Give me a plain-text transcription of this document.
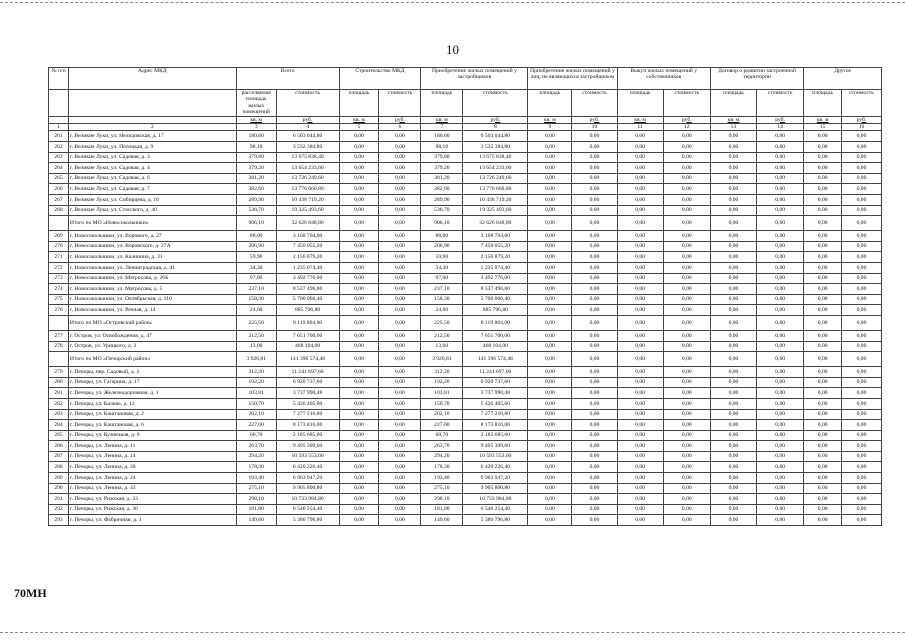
10
№ п/п	Адрес МКД	Всего		Строительство МКД		Приобретение жилых помещений у застройщиков		Приобретение жилых помещений у лиц, не являющихся застройщиком		Выкуп жилых помещений у собственников		Договор о развитии застроенной территории		Другое	
		расселяемая площадь жилых помещений	стоимость	площадь	стоимость	площадь	стоимость	площадь	стоимость	площадь	стоимость	площадь	стоимость	площадь	стоимость
		кв. м	руб.	кв. м	руб.	кв. м	руб.	кв. м	руб.	кв. м	руб.	кв. м	руб.	кв. м	руб.
1	2	3	4	5	6	7	8	9	10	11	12	13	14	15	16
261	г. Великие Луки, ул. Нелидовская, д. 17	180,60	6 503 044,80	0,00	0,00	180,60	6 503 044,80	0,00	0,00	0,00	0,00	0,00	0,00	0,00	0,00
262	г. Великие Луки, ул. Полоцкая, д. 9	98,10	3 532 384,80	0,00	0,00	98,10	3 532 384,80	0,00	0,00	0,00	0,00	0,00	0,00	0,00	0,00
263	г. Великие Луки, ул. Садовая, д. 3	379,80	13 675 838,40	0,00	0,00	379,80	13 675 838,40	0,00	0,00	0,00	0,00	0,00	0,00	0,00	0,00
264	г. Великие Луки, ул. Садовая, д. 4	379,20	13 654 233,60	0,00	0,00	379,20	13 654 233,60	0,00	0,00	0,00	0,00	0,00	0,00	0,00	0,00
265	г. Великие Луки, ул. Садовая, д. 6	381,20	13 726 249,60	0,00	0,00	381,20	13 726 249,60	0,00	0,00	0,00	0,00	0,00	0,00	0,00	0,00
266	г. Великие Луки, ул. Садовая, д. 7	382,60	13 776 660,80	0,00	0,00	382,60	13 776 660,80	0,00	0,00	0,00	0,00	0,00	0,00	0,00	0,00
267	г. Великие Луки, ул. Сибирцева, д. 16	289,90	10 438 719,20	0,00	0,00	289,90	10 438 719,20	0,00	0,00	0,00	0,00	0,00	0,00	0,00	0,00
268	г. Великие Луки, ул. Стаcского, д. 40	536,70	19 325 493,60	0,00	0,00	536,70	19 325 493,60	0,00	0,00	0,00	0,00	0,00	0,00	0,00	0,00
	Итого по МО «Новосокольники»	906,10	32 626 848,80	0,00	0,00	906,10	32 626 848,80	0,00	0,00	0,00	0,00	0,00	0,00	0,00	0,00
269	г. Новосокольники, ул. Ворового, д. 27	88,00	3 168 704,00	0,00	0,00	88,00	3 168 704,00	0,00	0,00	0,00	0,00	0,00	0,00	0,00	0,00
270	г. Новосокольники, ул. Воровского, д. 27А	206,90	7 450 055,20	0,00	0,00	206,90	7 450 055,20	0,00	0,00	0,00	0,00	0,00	0,00	0,00	0,00
271	г. Новосокольники, ул. Калинина, д. 31	59,90	2 156 879,20	0,00	0,00	59,90	2 156 879,20	0,00	0,00	0,00	0,00	0,00	0,00	0,00	0,00
272	г. Новосокольники, ул. Ленинградская, д. 41	34,30	1 235 074,40	0,00	0,00	34,30	1 235 074,40	0,00	0,00	0,00	0,00	0,00	0,00	0,00	0,00
273	г. Новосокольники, ул. Матросова, д. 26Б	97,00	3 492 776,00	0,00	0,00	97,00	3 492 776,00	0,00	0,00	0,00	0,00	0,00	0,00	0,00	0,00
274	г. Новосокольники, ул. Матросова, д. 5	237,10	8 537 496,80	0,00	0,00	237,10	8 537 496,80	0,00	0,00	0,00	0,00	0,00	0,00	0,00	0,00
275	г. Новосокольники, ул. Октябрьская, д. 110	158,30	5 700 066,40	0,00	0,00	158,30	5 700 066,40	0,00	0,00	0,00	0,00	0,00	0,00	0,00	0,00
276	г. Новосокольники, ул. Речная, д. 14	24,60	885 796,80	0,00	0,00	24,60	885 796,80	0,00	0,00	0,00	0,00	0,00	0,00	0,00	0,00
	Итого по МО «Островский район»	225,50	8 119 804,00	0,00	0,00	225,50	8 119 804,00	0,00	0,00	0,00	0,00	0,00	0,00	0,00	0,00
277	г. Остров, ул. Освобождения, д. 47	212,50	7 651 700,00	0,00	0,00	212,50	7 651 700,00	0,00	0,00	0,00	0,00	0,00	0,00	0,00	0,00
278	г. Остров, ул. Урицкого, д. 3	13,00	468 104,00	0,00	0,00	13,00	468 104,00	0,00	0,00	0,00	0,00	0,00	0,00	0,00	0,00
	Итого по МО «Печорский район»	3 926,81	141 396 574,48	0,00	0,00	3 926,81	141 396 574,48	0,00	0,00	0,00	0,00	0,00	0,00	0,00	0,00
279	г. Печоры, пер. Садовый, д. 2	312,20	11 241 697,60	0,00	0,00	312,20	11 241 697,60	0,00	0,00	0,00	0,00	0,00	0,00	0,00	0,00
280	г. Печоры, ул. Гагарина, д. 17	192,20	6 920 737,60	0,00	0,00	192,20	6 920 737,60	0,00	0,00	0,00	0,00	0,00	0,00	0,00	0,00
281	г. Печоры, ул. Железнодорожная, д. 1	103,81	3 737 990,48	0,00	0,00	103,81	3 737 990,48	0,00	0,00	0,00	0,00	0,00	0,00	0,00	0,00
282	г. Печоры, ул. Калеяо, д. 12	150,70	5 426 405,60	0,00	0,00	150,70	5 426 405,60	0,00	0,00	0,00	0,00	0,00	0,00	0,00	0,00
283	г. Печоры, ул. Каштановая, д. 2	202,10	7 277 216,80	0,00	0,00	202,10	7 277 216,80	0,00	0,00	0,00	0,00	0,00	0,00	0,00	0,00
284	г. Печоры, ул. Каштановая, д. 6	227,00	8 173 816,00	0,00	0,00	227,00	8 173 816,00	0,00	0,00	0,00	0,00	0,00	0,00	0,00	0,00
285	г. Печоры, ул. Кузнечная, д. 8	60,70	2 185 685,60	0,00	0,00	60,70	2 185 685,60	0,00	0,00	0,00	0,00	0,00	0,00	0,00	0,00
286	г. Печоры, ул. Ленина, д. 11	263,70	9 495 309,60	0,00	0,00	263,70	9 495 309,60	0,00	0,00	0,00	0,00	0,00	0,00	0,00	0,00
287	г. Печоры, ул. Ленина, д. 14	294,20	10 593 553,60	0,00	0,00	294,20	10 593 553,60	0,00	0,00	0,00	0,00	0,00	0,00	0,00	0,00
288	г. Печоры, ул. Ленина, д. 20	178,30	6 420 226,40	0,00	0,00	178,30	6 420 226,40	0,00	0,00	0,00	0,00	0,00	0,00	0,00	0,00
289	г. Печоры, ул. Ленина, д. 24	193,40	6 963 947,20	0,00	0,00	193,40	6 963 947,20	0,00	0,00	0,00	0,00	0,00	0,00	0,00	0,00
290	г. Печоры, ул. Ленина, д. 43	275,10	9 905 800,80	0,00	0,00	275,10	9 905 800,80	0,00	0,00	0,00	0,00	0,00	0,00	0,00	0,00
291	г. Печоры, ул. Рижская, д. 33	298,10	10 733 984,80	0,00	0,00	298,10	10 733 984,80	0,00	0,00	0,00	0,00	0,00	0,00	0,00	0,00
292	г. Печоры, ул. Рижская, д. 36	181,80	6 546 254,40	0,00	0,00	181,80	6 546 254,40	0,00	0,00	0,00	0,00	0,00	0,00	0,00	0,00
293	г. Печоры, ул. Фабричная, д. 1	149,60	5 386 796,80	0,00	0,00	149,60	5 386 796,80	0,00	0,00	0,00	0,00	0,00	0,00	0,00	0,00
70MH
